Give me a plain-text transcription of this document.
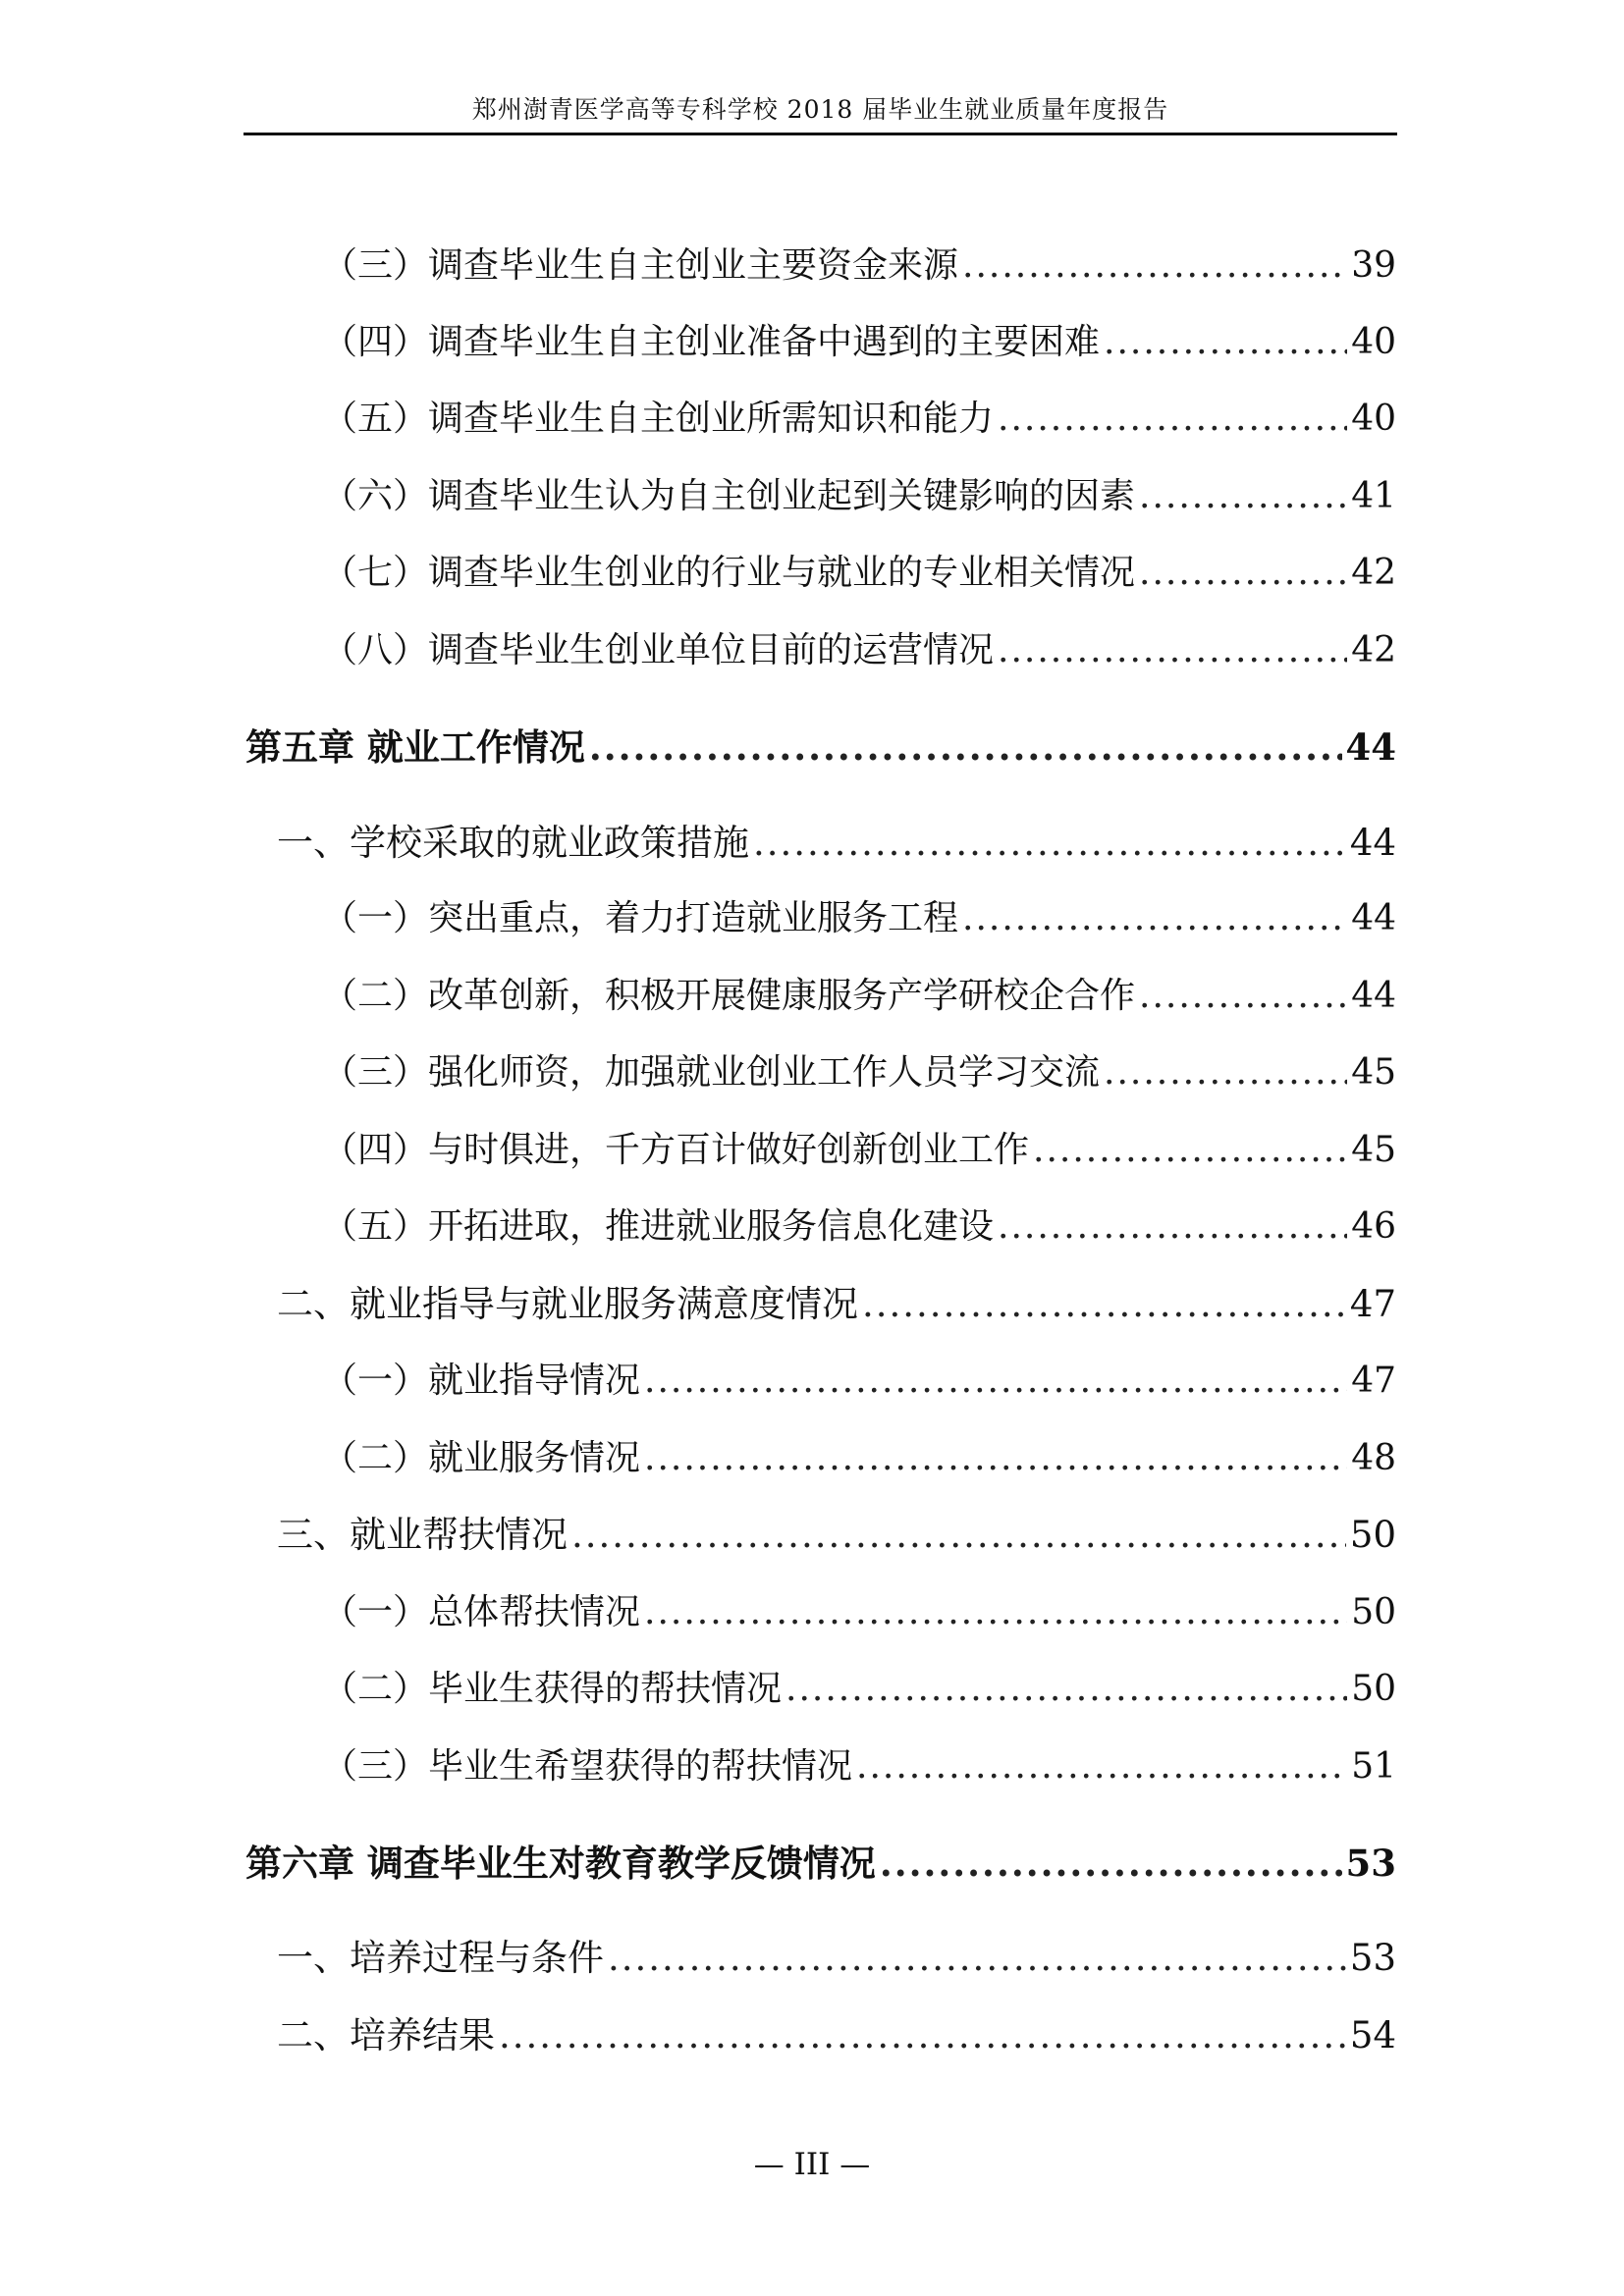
郑州澍青医学高等专科学校 2018 届毕业生就业质量年度报告
（三）调查毕业生自主创业主要资金来源 .....	39
（四）调查毕业生自主创业准备中遇到的主要困难 .....	40
（五）调查毕业生自主创业所需知识和能力 .....	40
（六）调查毕业生认为自主创业起到关键影响的因素 .....	41
（七）调查毕业生创业的行业与就业的专业相关情况 .....	42
（八）调查毕业生创业单位目前的运营情况 .....	42
第五章 就业工作情况 .....	44
一、学校采取的就业政策措施 .....	44
（一）突出重点，着力打造就业服务工程 .....	44
（二）改革创新，积极开展健康服务产学研校企合作 .....	44
（三）强化师资，加强就业创业工作人员学习交流 .....	45
（四）与时俱进，千方百计做好创新创业工作 .....	45
（五）开拓进取，推进就业服务信息化建设 .....	46
二、就业指导与就业服务满意度情况 .....	47
（一）就业指导情况 .....	47
（二）就业服务情况 .....	48
三、就业帮扶情况 .....	50
（一）总体帮扶情况 .....	50
（二）毕业生获得的帮扶情况 .....	50
（三）毕业生希望获得的帮扶情况 .....	51
第六章 调查毕业生对教育教学反馈情况 .....	53
一、培养过程与条件 .....	53
二、培养结果 .....	54
— III —
